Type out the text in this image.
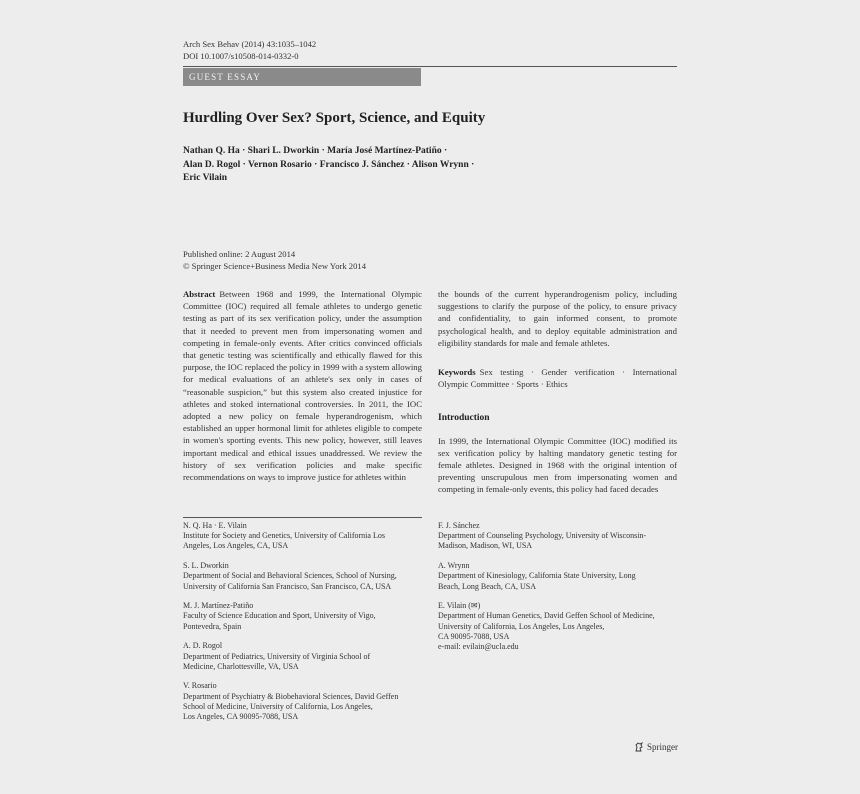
Arch Sex Behav (2014) 43:1035–1042
DOI 10.1007/s10508-014-0332-0
GUEST ESSAY
Hurdling Over Sex? Sport, Science, and Equity
Nathan Q. Ha · Shari L. Dworkin · María José Martínez-Patiño ·
Alan D. Rogol · Vernon Rosario · Francisco J. Sánchez · Alison Wrynn ·
Eric Vilain
Published online: 2 August 2014
© Springer Science+Business Media New York 2014

Abstract Between 1968 and 1999, the International Olympic Committee (IOC) required all female athletes to undergo genetic testing as part of its sex verification policy, under the assumption that it needed to prevent men from impersonating women and competing in female-only events. After critics convinced officials that genetic testing was scientifically and ethically flawed for this purpose, the IOC replaced the policy in 1999 with a system allowing for medical evaluations of an athlete's sex only in cases of “reasonable suspicion,” but this system also created injustice for athletes and stoked international controversies. In 2011, the IOC adopted a new policy on female hyperandrogenism, which established an upper hormonal limit for athletes eligible to compete in women's sporting events. This new policy, however, still leaves important medical and ethical issues unaddressed. We review the history of sex verification policies and make specific recommendations on ways to improve justice for athletes within

the bounds of the current hyperandrogenism policy, including suggestions to clarify the purpose of the policy, to ensure privacy and confidentiality, to gain informed consent, to promote psychological health, and to deploy equitable administration and eligibility standards for male and female athletes.

Keywords Sex testing · Gender verification · International Olympic Committee · Sports · Ethics

Introduction

In 1999, the International Olympic Committee (IOC) modified its sex verification policy by halting mandatory genetic testing for female athletes. Designed in 1968 with the original intention of preventing unscrupulous men from impersonating women and competing in female-only events, this policy had faced decades

N. Q. Ha · E. Vilain
Institute for Society and Genetics, University of California Los
Angeles, Los Angeles, CA, USA
S. L. Dworkin
Department of Social and Behavioral Sciences, School of Nursing,
University of California San Francisco, San Francisco, CA, USA
M. J. Martínez-Patiño
Faculty of Science Education and Sport, University of Vigo,
Pontevedra, Spain
A. D. Rogol
Department of Pediatrics, University of Virginia School of
Medicine, Charlottesville, VA, USA
V. Rosario
Department of Psychiatry & Biobehavioral Sciences, David Geffen
School of Medicine, University of California, Los Angeles,
Los Angeles, CA 90095-7088, USA
F. J. Sánchez
Department of Counseling Psychology, University of Wisconsin-
Madison, Madison, WI, USA
A. Wrynn
Department of Kinesiology, California State University, Long
Beach, Long Beach, CA, USA
E. Vilain (✉)
Department of Human Genetics, David Geffen School of Medicine,
University of California, Los Angeles, Los Angeles,
CA 90095-7088, USA
e-mail: evilain@ucla.edu
Springer
